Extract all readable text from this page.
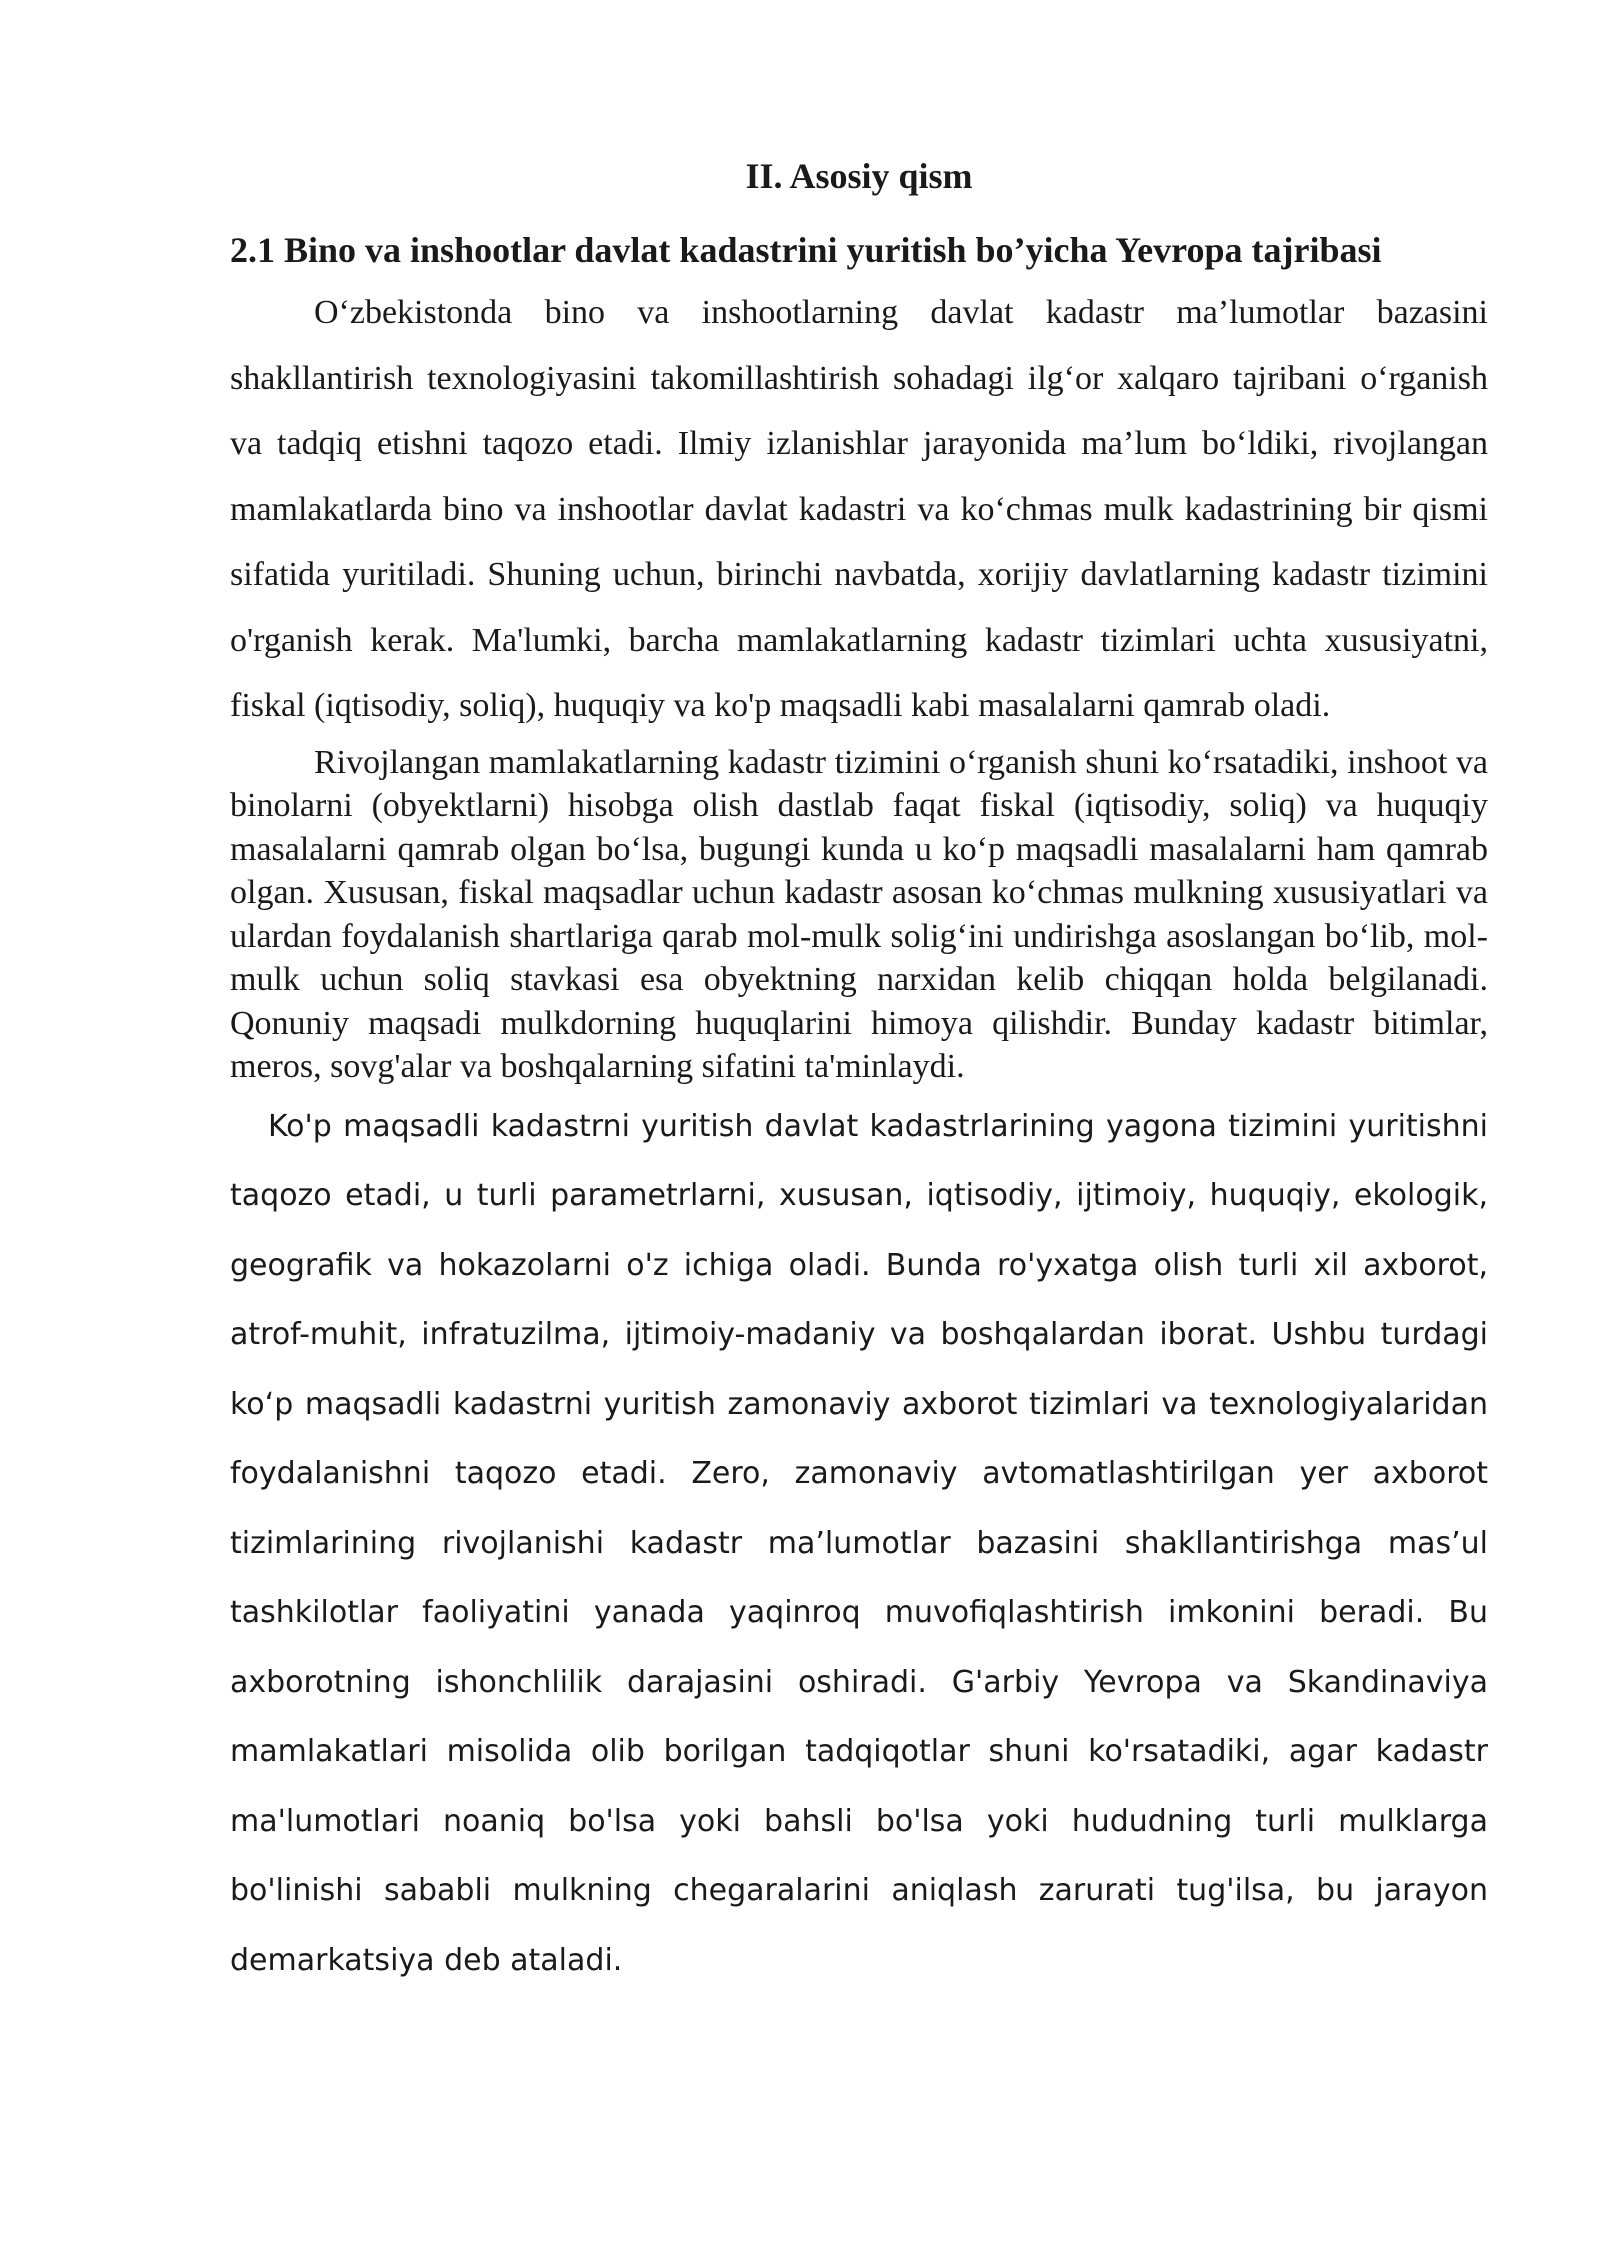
II. Asosiy qism
2.1 Bino va inshootlar davlat kadastrini yuritish bo’yicha Yevropa tajribasi

O‘zbekistonda bino va inshootlarning davlat kadastr ma’lumotlar bazasini shakllantirish texnologiyasini takomillashtirish sohadagi ilg‘or xalqaro tajribani o‘rganish va tadqiq etishni taqozo etadi. Ilmiy izlanishlar jarayonida ma’lum bo‘ldiki, rivojlangan mamlakatlarda bino va inshootlar davlat kadastri va ko‘chmas mulk kadastrining bir qismi sifatida yuritiladi. Shuning uchun, birinchi navbatda, xorijiy davlatlarning kadastr tizimini o'rganish kerak. Ma'lumki, barcha mamlakatlarning kadastr tizimlari uchta xususiyatni, fiskal (iqtisodiy, soliq), huquqiy va ko'p maqsadli kabi masalalarni qamrab oladi.

Rivojlangan mamlakatlarning kadastr tizimini o‘rganish shuni ko‘rsatadiki, inshoot va binolarni (obyektlarni) hisobga olish dastlab faqat fiskal (iqtisodiy, soliq) va huquqiy masalalarni qamrab olgan bo‘lsa, bugungi kunda u ko‘p maqsadli masalalarni ham qamrab olgan. Xususan, fiskal maqsadlar uchun kadastr asosan ko‘chmas mulkning xususiyatlari va ulardan foydalanish shartlariga qarab mol-mulk solig‘ini undirishga asoslangan bo‘lib, mol-mulk uchun soliq stavkasi esa obyektning narxidan kelib chiqqan holda belgilanadi. Qonuniy maqsadi mulkdorning huquqlarini himoya qilishdir. Bunday kadastr bitimlar, meros, sovg'alar va boshqalarning sifatini ta'minlaydi.

Ko'p maqsadli kadastrni yuritish davlat kadastrlarining yagona tizimini yuritishni taqozo etadi, u turli parametrlarni, xususan, iqtisodiy, ijtimoiy, huquqiy, ekologik, geografik va hokazolarni o'z ichiga oladi. Bunda ro'yxatga olish turli xil axborot, atrof-muhit, infratuzilma, ijtimoiy-madaniy va boshqalardan iborat. Ushbu turdagi ko‘p maqsadli kadastrni yuritish zamonaviy axborot tizimlari va texnologiyalaridan foydalanishni taqozo etadi. Zero, zamonaviy avtomatlashtirilgan yer axborot tizimlarining rivojlanishi kadastr ma’lumotlar bazasini shakllantirishga mas’ul tashkilotlar faoliyatini yanada yaqinroq muvofiqlashtirish imkonini beradi. Bu axborotning ishonchlilik darajasini oshiradi. G'arbiy Yevropa va Skandinaviya mamlakatlari misolida olib borilgan tadqiqotlar shuni ko'rsatadiki, agar kadastr ma'lumotlari noaniq bo'lsa yoki bahsli bo'lsa yoki hududning turli mulklarga bo'linishi sababli mulkning chegaralarini aniqlash zarurati tug'ilsa, bu jarayon demarkatsiya deb ataladi.
